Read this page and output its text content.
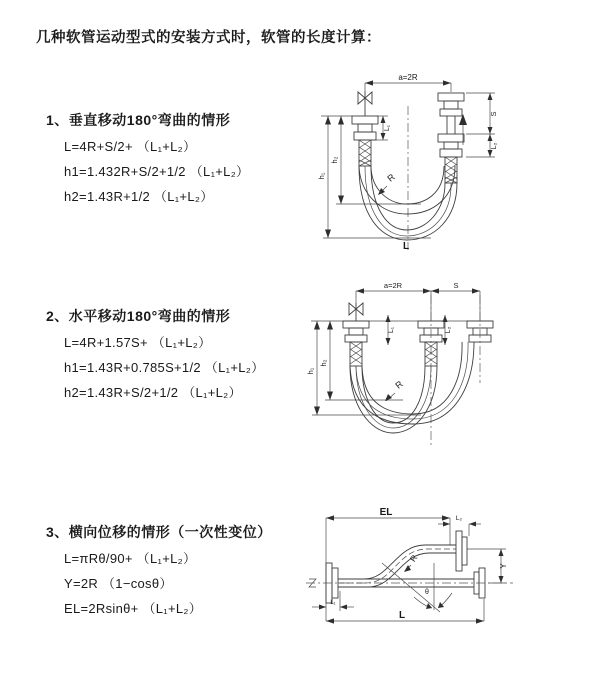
几种软管运动型式的安装方式时，软管的长度计算：
1、垂直移动180°弯曲的情形
L=4R+S/2+ （L₁+L₂）
h1=1.432R+S/2+1/2 （L₁+L₂）
h2=1.43R+1/2 （L₁+L₂）
2、水平移动180°弯曲的情形
L=4R+1.57S+ （L₁+L₂）
h1=1.43R+0.785S+1/2 （L₁+L₂）
h2=1.43R+S/2+1/2 （L₁+L₂）
3、横向位移的情形（一次性变位）
L=πRθ/90+ （L₁+L₂）
Y=2R （1−cosθ）
EL=2Rsinθ+ （L₁+L₂）
a=2R
h₁
h₂
L₁
S
L₂
R
L
a=2R	S
h₁
h₂
L₁	L₂
R
EL
L₂
Y
L₁
L
R
θ
